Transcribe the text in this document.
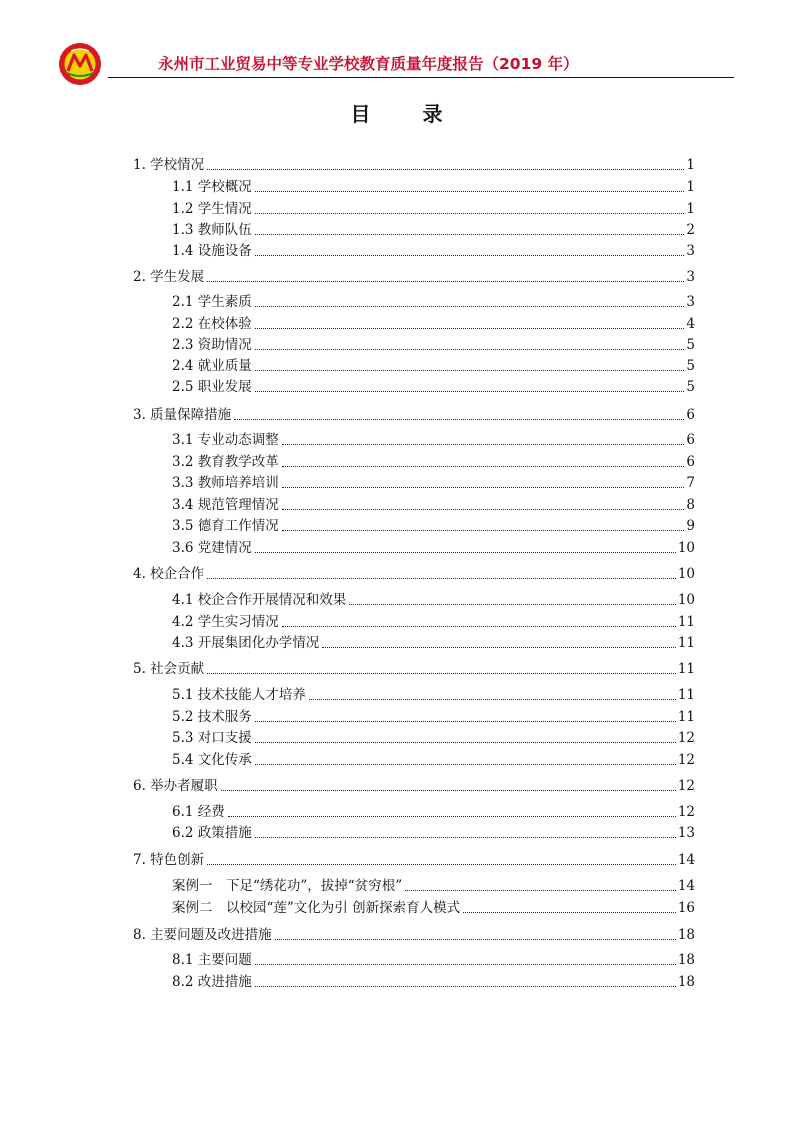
永州市工业贸易中等专业学校教育质量年度报告（2019 年）
目录
1. 学校情况	1
1.1 学校概况	1
1.2 学生情况	1
1.3 教师队伍	2
1.4 设施设备	3
2. 学生发展	3
2.1 学生素质	3
2.2 在校体验	4
2.3 资助情况	5
2.4 就业质量	5
2.5 职业发展	5
3. 质量保障措施	6
3.1 专业动态调整	6
3.2 教育教学改革	6
3.3 教师培养培训	7
3.4 规范管理情况	8
3.5 德育工作情况	9
3.6 党建情况	10
4. 校企合作	10
4.1 校企合作开展情况和效果	10
4.2 学生实习情况	11
4.3 开展集团化办学情况	11
5. 社会贡献	11
5.1 技术技能人才培养	11
5.2 技术服务	11
5.3 对口支援	12
5.4 文化传承	12
6. 举办者履职	12
6.1 经费	12
6.2 政策措施	13
7. 特色创新	14
案例一　下足“绣花功”，拔掉“贫穷根”	14
案例二　以校园“莲”文化为引 创新探索育人模式	16
8. 主要问题及改进措施	18
8.1 主要问题	18
8.2 改进措施	18
